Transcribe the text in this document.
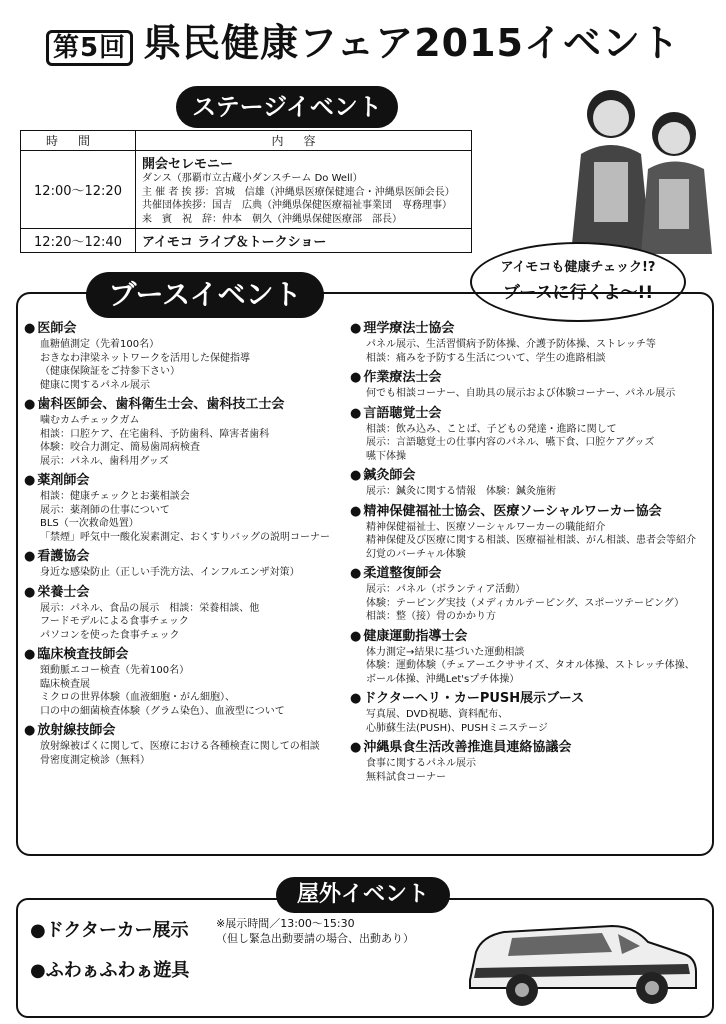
第5回 県民健康フェア2015イベント
ステージイベント
時間	内容
12:00～12:20	開会セレモニー
ダンス（那覇市立古蔵小ダンスチーム Do Well）
主 催 者 挨 拶：宮城　信雄（沖縄県医療保健連合・沖縄県医師会長）
共催団体挨拶：国吉　広典（沖縄県保健医療福祉事業団　専務理事）
来　賓　祝　辞：仲本　朝久（沖縄県保健医療部　部長）

12:20～12:40	アイモコ ライブ＆トークショー
アイモコも健康チェック!?
ブースに行くよ～!!
ブースイベント
● 医師会
血糖値測定（先着100名）
おきなわ津梁ネットワークを活用した保健指導
（健康保険証をご持参下さい）
健康に関するパネル展示
● 歯科医師会、歯科衛生士会、歯科技工士会
噛むカムチェックガム
相談：口腔ケア、在宅歯科、予防歯科、障害者歯科
体験：咬合力測定、簡易歯周病検査
展示：パネル、歯科用グッズ
● 薬剤師会
相談：健康チェックとお薬相談会
展示：薬剤師の仕事について
BLS（一次救命処置）
「禁煙」呼気中一酸化炭素測定、おくすりバッグの説明コーナー
● 看護協会
身近な感染防止（正しい手洗方法、インフルエンザ対策）
● 栄養士会
展示：パネル、食品の展示　相談：栄養相談、他
フードモデルによる食事チェック
パソコンを使った食事チェック
● 臨床検査技師会
頸動脈エコー検査（先着100名）
臨床検査展
ミクロの世界体験（血液細胞・がん細胞）、
口の中の細菌検査体験（グラム染色）、血液型について
● 放射線技師会
放射線被ばくに関して、医療における各種検査に関しての相談
骨密度測定検診（無料）
● 理学療法士協会
パネル展示、生活習慣病予防体操、介護予防体操、ストレッチ等
相談：痛みを予防する生活について、学生の進路相談
● 作業療法士会
何でも相談コーナー、自助具の展示および体験コーナー、パネル展示
● 言語聴覚士会
相談：飲み込み、ことば、子どもの発達・進路に関して
展示：言語聴覚士の仕事内容のパネル、嚥下食、口腔ケアグッズ
嚥下体操
● 鍼灸師会
展示：鍼灸に関する情報　体験：鍼灸施術
● 精神保健福祉士協会、医療ソーシャルワーカー協会
精神保健福祉士、医療ソーシャルワーカーの職能紹介
精神保健及び医療に関する相談、医療福祉相談、がん相談、患者会等紹介
幻覚のバーチャル体験
● 柔道整復師会
展示：パネル（ボランティア活動）
体験：テーピング実技（メディカルテーピング、スポーツテーピング）
相談：整（接）骨のかかり方
● 健康運動指導士会
体力測定→結果に基づいた運動相談
体験：運動体験（チェアーエクササイズ、タオル体操、ストレッチ体操、
ボール体操、沖縄Let'sプチ体操）
● ドクターヘリ・カーPUSH展示ブース
写真展、DVD視聴、資料配布、
心肺蘇生法(PUSH)、PUSHミニステージ
● 沖縄県食生活改善推進員連絡協議会
食事に関するパネル展示
無料試食コーナー
屋外イベント
●ドクターカー展示 ※展示時間／13:00～15:30
（但し緊急出動要請の場合、出動あり）
●ふわぁふわぁ遊具
